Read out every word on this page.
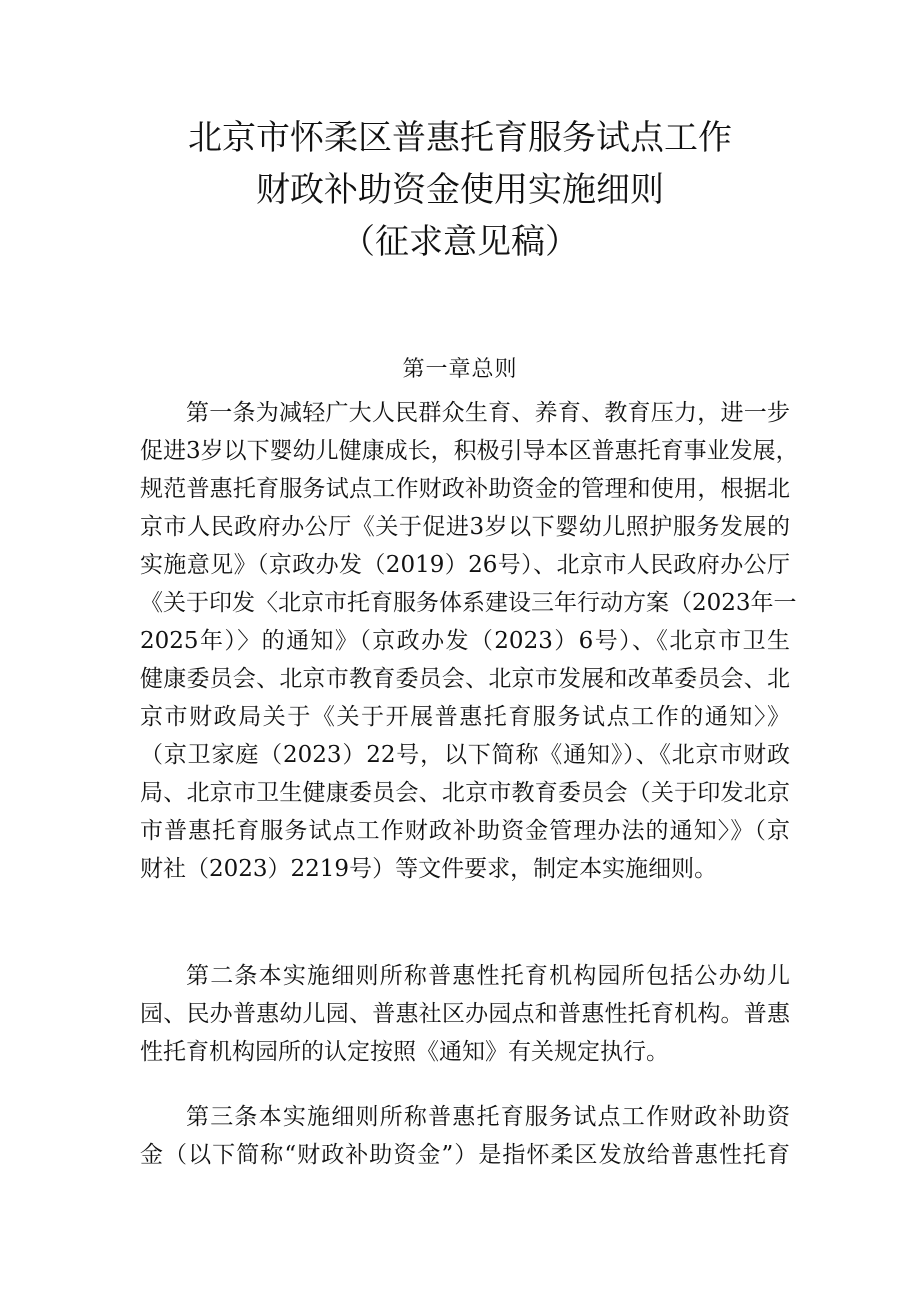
北京市怀柔区普惠托育服务试点工作
财政补助资金使用实施细则
（征求意见稿）
第一章总则
第一条为减轻广大人民群众生育、养育、教育压力，进一步
促进3岁以下婴幼儿健康成长，积极引导本区普惠托育事业发展，
规范普惠托育服务试点工作财政补助资金的管理和使用，根据北
京市人民政府办公厅《关于促进3岁以下婴幼儿照护服务发展的
实施意见》（京政办发（2019）26号）、北京市人民政府办公厅
《关于印发〈北京市托育服务体系建设三年行动方案（2023年一
2025年）〉的通知》（京政办发（2023）6号）、《北京市卫生
健康委员会、北京市教育委员会、北京市发展和改革委员会、北
京市财政局关于《关于开展普惠托育服务试点工作的通知〉》
（京卫家庭（2023）22号，以下简称《通知》）、《北京市财政
局、北京市卫生健康委员会、北京市教育委员会（关于印发北京
市普惠托育服务试点工作财政补助资金管理办法的通知〉》（京
财社（2023）2219号）等文件要求，制定本实施细则。
第二条本实施细则所称普惠性托育机构园所包括公办幼儿
园、民办普惠幼儿园、普惠社区办园点和普惠性托育机构。普惠
性托育机构园所的认定按照《通知》有关规定执行。
第三条本实施细则所称普惠托育服务试点工作财政补助资
金（以下简称“财政补助资金”）是指怀柔区发放给普惠性托育
